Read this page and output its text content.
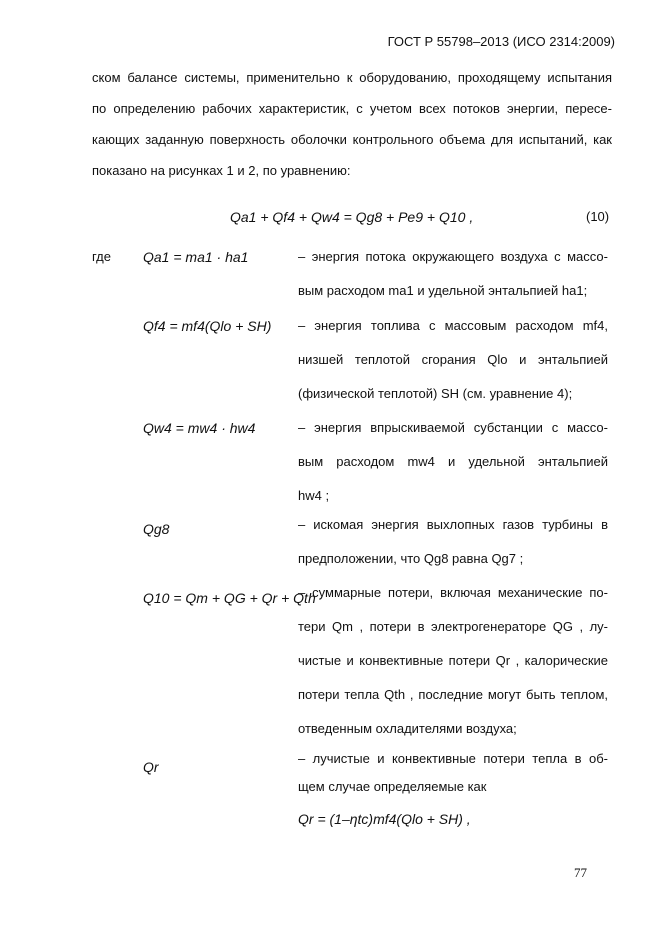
ГОСТ Р 55798–2013 (ИСО 2314:2009)
ском балансе системы, применительно к оборудованию, проходящему испытания
по определению рабочих характеристик, с учетом всех потоков энергии, пересе-
кающих заданную поверхность оболочки контрольного объема для испытаний, как
показано на рисунках 1 и 2, по уравнению:
Qa1 + Qf4 + Qw4 = Qg8 + Pe9 + Q10 ,	(10)
где Qa1 = ma1 · ha1	– энергия потока окружающего воздуха с массо-
вым расходом ma1 и удельной энтальпией ha1;
Qf4 = mf4(Qlo + SH) – энергия топлива с массовым расходом mf4,
низшей теплотой сгорания Qlo и энтальпией
(физической теплотой) SH (см. уравнение 4);
Qw4 = mw4 · hw4	– энергия впрыскиваемой субстанции с массо-
вым расходом mw4 и удельной энтальпией
hw4 ;
Qg8	– искомая энергия выхлопных газов турбины в
предположении, что Qg8 равна Qg7 ;
Q10 = Qm + QG + Qr + Qth
– суммарные потери, включая механические по-
тери Qm , потери в электрогенераторе QG , лу-
чистые и конвективные потери Qr , калорические
потери тепла Qth , последние могут быть теплом,
отведенным охладителями воздуха;
Qr
– лучистые и конвективные потери тепла в об-
щем случае определяемые как
Qr = (1–ηtc)mf4(Qlo + SH) ,
77
